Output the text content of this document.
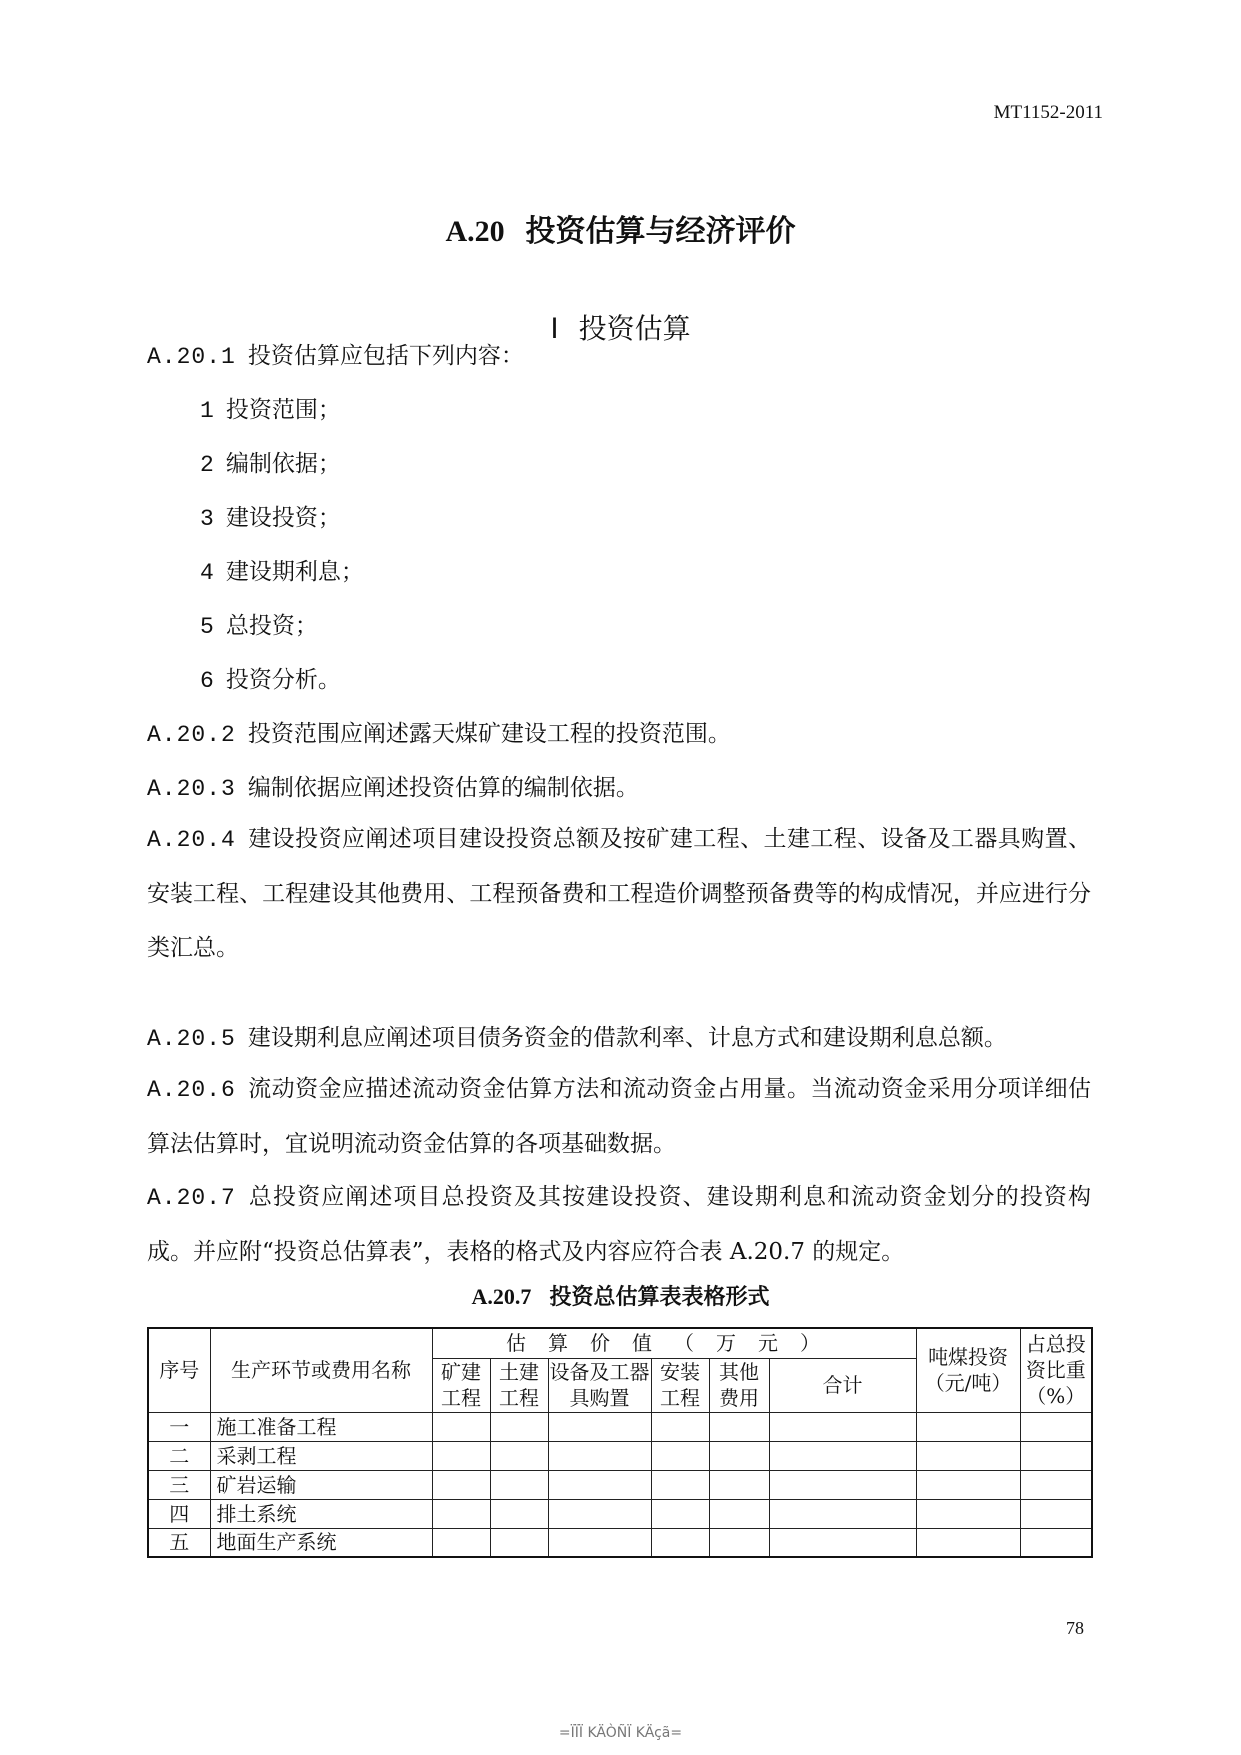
MT1152-2011
A.20 投资估算与经济评价
Ⅰ 投资估算
A.20.1 投资估算应包括下列内容：
1 投资范围；
2 编制依据；
3 建设投资；
4 建设期利息；
5 总投资；
6 投资分析。
A.20.2 投资范围应阐述露天煤矿建设工程的投资范围。
A.20.3 编制依据应阐述投资估算的编制依据。
A.20.4 建设投资应阐述项目建设投资总额及按矿建工程、土建工程、设备及工器具购置、安装工程、工程建设其他费用、工程预备费和工程造价调整预备费等的构成情况，并应进行分类汇总。
A.20.5 建设期利息应阐述项目债务资金的借款利率、计息方式和建设期利息总额。
A.20.6 流动资金应描述流动资金估算方法和流动资金占用量。当流动资金采用分项详细估算法估算时，宜说明流动资金估算的各项基础数据。
A.20.7 总投资应阐述项目总投资及其按建设投资、建设期利息和流动资金划分的投资构成。并应附“投资总估算表”，表格的格式及内容应符合表 A.20.7 的规定。
A.20.7 投资总估算表表格形式
序号	生产环节或费用名称	估算价值（万元）						吨煤投资（元/吨）	占总投资比重（%）
		矿建工程	土建工程	设备及工器具购置	安装工程	其他费用	合计		
一	施工准备工程								
二	采剥工程								
三	矿岩运输								
四	排土系统								
五	地面生产系统								
78
=ÏÏÏ KÄÒÑÏ KÄçã=
